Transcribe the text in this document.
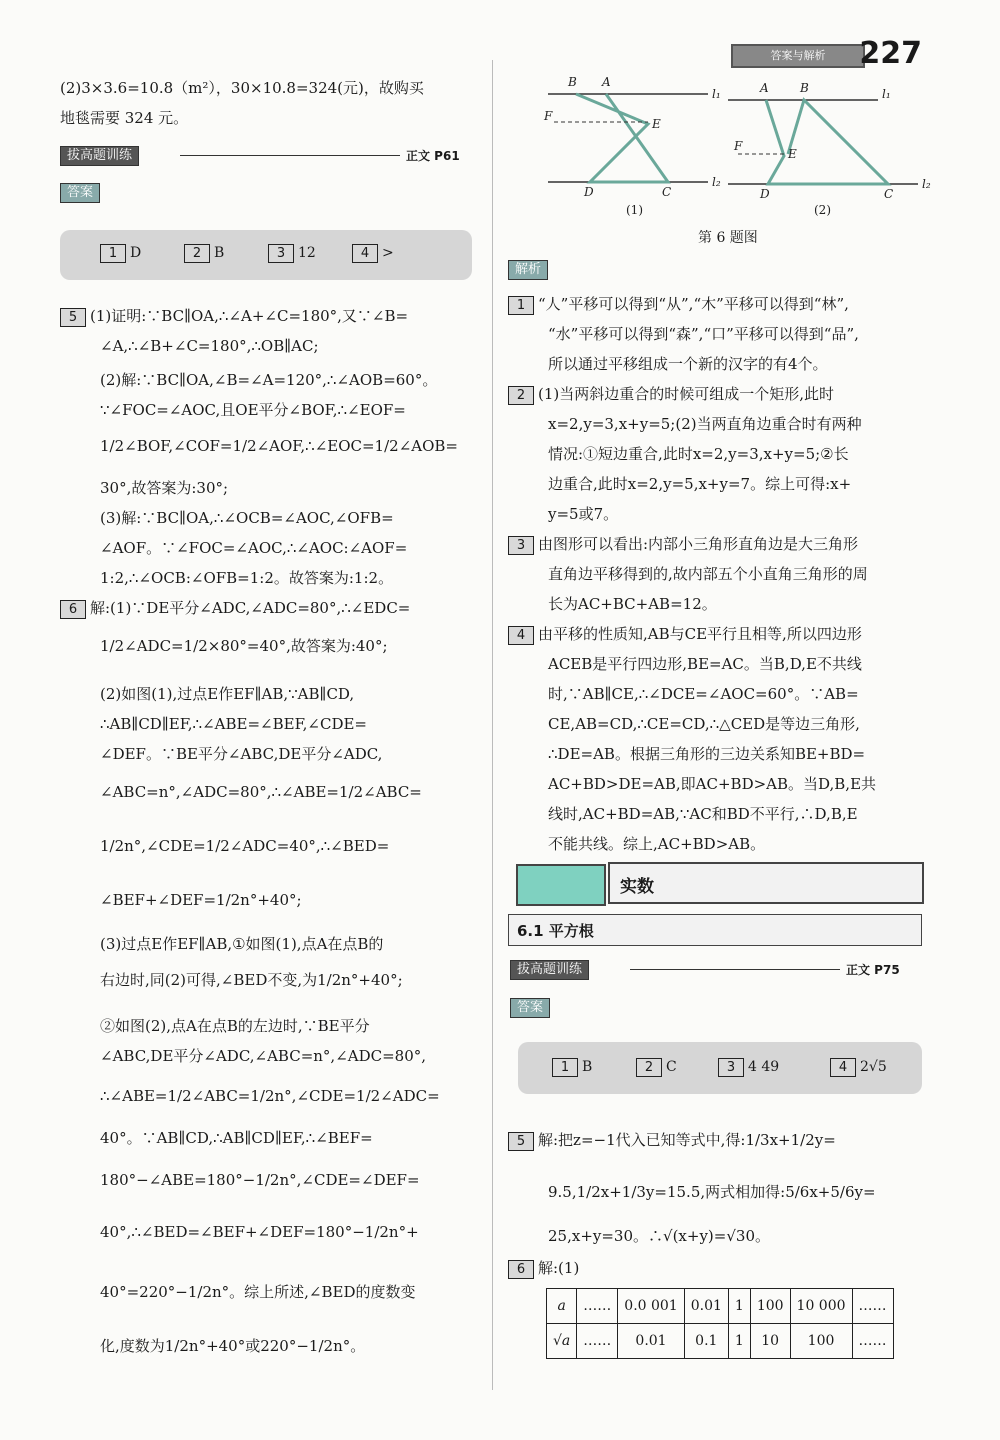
答案与解析	227
(2)3×3.6=10.8（m²），30×10.8=324(元)，故购买
地毯需要 324 元。
拔高题训练	正文 P61
答案
1 D	2 B	3 12	4 >
5 (1)证明:∵BC∥OA,∴∠A+∠C=180°,又∵∠B=
∠A,∴∠B+∠C=180°,∴OB∥AC;
(2)解:∵BC∥OA,∠B=∠A=120°,∴∠AOB=60°。
∵∠FOC=∠AOC,且OE平分∠BOF,∴∠EOF=
1/2∠BOF,∠COF=1/2∠AOF,∴∠EOC=1/2∠AOB=
30°,故答案为:30°;
(3)解:∵BC∥OA,∴∠OCB=∠AOC,∠OFB=
∠AOF。∵∠FOC=∠AOC,∴∠AOC:∠AOF=
1:2,∴∠OCB:∠OFB=1:2。故答案为:1:2。
6 解:(1)∵DE平分∠ADC,∠ADC=80°,∴∠EDC=
1/2∠ADC=1/2×80°=40°,故答案为:40°;
(2)如图(1),过点E作EF∥AB,∵AB∥CD,
∴AB∥CD∥EF,∴∠ABE=∠BEF,∠CDE=
∠DEF。∵BE平分∠ABC,DE平分∠ADC,
∠ABC=n°,∠ADC=80°,∴∠ABE=1/2∠ABC=
1/2n°,∠CDE=1/2∠ADC=40°,∴∠BED=
∠BEF+∠DEF=1/2n°+40°;
(3)过点E作EF∥AB,①如图(1),点A在点B的
右边时,同(2)可得,∠BED不变,为1/2n°+40°;
②如图(2),点A在点B的左边时,∵BE平分
∠ABC,DE平分∠ADC,∠ABC=n°,∠ADC=80°,
∴∠ABE=1/2∠ABC=1/2n°,∠CDE=1/2∠ADC=
40°。∵AB∥CD,∴AB∥CD∥EF,∴∠BEF=
180°−∠ABE=180°−1/2n°,∠CDE=∠DEF=
40°,∴∠BED=∠BEF+∠DEF=180°−1/2n°+
40°=220°−1/2n°。综上所述,∠BED的度数变
化,度数为1/2n°+40°或220°−1/2n°。
B A
F
E
D	C
l₁
l₂
A	B
F
E
D	C
l₁
l₂
(1)	(2)
第 6 题图
解析
1 “人”平移可以得到“从”,“木”平移可以得到“林”,
“水”平移可以得到“森”,“口”平移可以得到“品”,
所以通过平移组成一个新的汉字的有4个。
2 (1)当两斜边重合的时候可组成一个矩形,此时
x=2,y=3,x+y=5;(2)当两直角边重合时有两种
情况:①短边重合,此时x=2,y=3,x+y=5;②长
边重合,此时x=2,y=5,x+y=7。综上可得:x+
y=5或7。
3 由图形可以看出:内部小三角形直角边是大三角形
直角边平移得到的,故内部五个小直角三角形的周
长为AC+BC+AB=12。
4 由平移的性质知,AB与CE平行且相等,所以四边形
ACEB是平行四边形,BE=AC。当B,D,E不共线
时,∵AB∥CE,∴∠DCE=∠AOC=60°。∵AB=
CE,AB=CD,∴CE=CD,∴△CED是等边三角形,
∴DE=AB。根据三角形的三边关系知BE+BD=
AC+BD>DE=AB,即AC+BD>AB。当D,B,E共
线时,AC+BD=AB,∵AC和BD不平行,∴D,B,E
不能共线。综上,AC+BD>AB。
实数
6.1 平方根
拔高题训练	正文 P75
答案
1 B	2 C	3 4 49	4 2√5
5 解:把z=−1代入已知等式中,得:1/3x+1/2y=
9.5,1/2x+1/3y=15.5,两式相加得:5/6x+5/6y=
25,x+y=30。∴√(x+y)=√30。
6 解:(1)
a	……	0.0 001	0.01	1	100	10 000	……
√a	……	0.01	0.1	1	10	100	……
